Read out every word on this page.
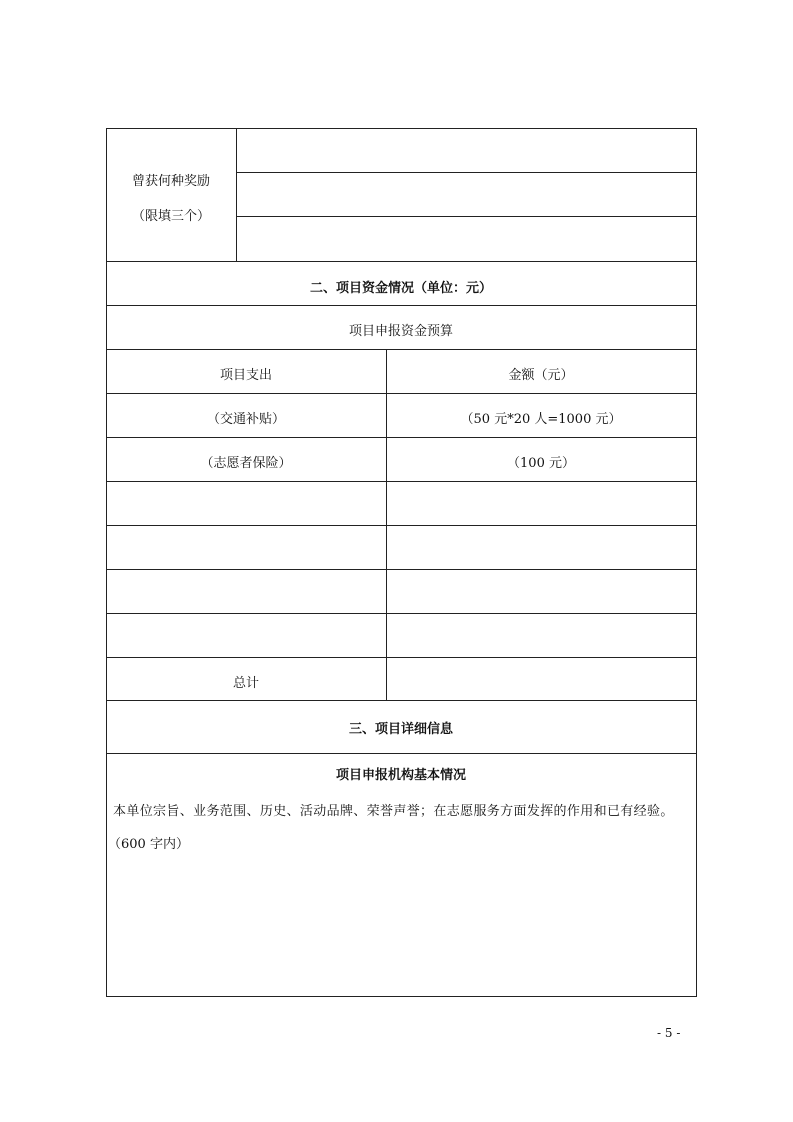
曾获何种奖励
（限填三个）
二、项目资金情况（单位：元）
项目申报资金预算
项目支出	金额（元）
（交通补贴）	（50 元*20 人=1000 元）
（志愿者保险）	（100 元）
总计
三、项目详细信息
项目申报机构基本情况
本单位宗旨、业务范围、历史、活动品牌、荣誉声誉；在志愿服务方面发挥的作用和已有经验。
（600 字内）
- 5 -
